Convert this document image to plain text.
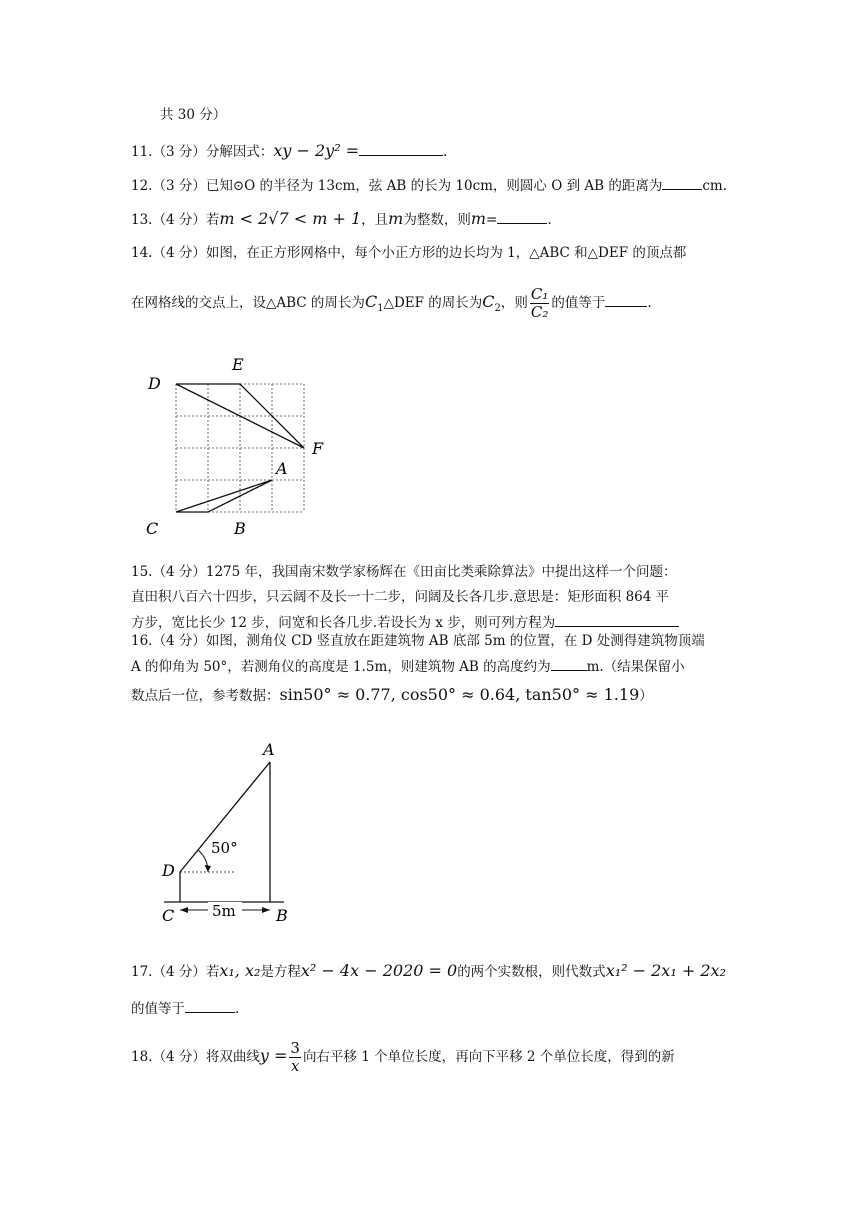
共 30 分）
11.（3 分）分解因式：xy − 2y² =	.
12.（3 分）已知⊙O 的半径为 13cm，弦 AB 的长为 10cm，则圆心 O 到 AB 的距离为	cm.
13.（4 分）若m < 2√7 < m + 1，且m为整数，则m=	.
14.（4 分）如图，在正方形网格中，每个小正方形的边长均为 1，△ABC 和△DEF 的顶点都
在网格线的交点上，设△ABC 的周长为$C_1\triangle DEF$ 的周长为$C_2$，则 $\frac{\text{C₁}}{\text{C₂}}$ 的值等于	.
D
E
F
A
B
C
15.（4 分）1275 年，我国南宋数学家杨辉在《田亩比类乘除算法》中提出这样一个问题：
直田积八百六十四步，只云阔不及长一十二步，问阔及长各几步.意思是：矩形面积 864 平
方步，宽比长少 12 步，问宽和长各几步.若设长为 x 步，则可列方程为
16.（4 分）如图，测角仪 CD 竖直放在距建筑物 AB 底部 5m 的位置，在 D 处测得建筑物顶端
A 的仰角为 50°，若测角仪的高度是 1.5m，则建筑物 AB 的高度约为	m.（结果保留小
数点后一位，参考数据：sin50° ≈ 0.77, cos50° ≈ 0.64, tan50° ≈ 1.19）
A
D
C	B
50°
5m
17.（4 分）若x₁, x₂是方程x² − 4x − 2020 = 0的两个实数根，则代数式x₁² − 2x₁ + 2x₂
的值等于	.
18.（4 分）将双曲线$y = \frac{3}{x}$ 向右平移 1 个单位长度，再向下平移 2 个单位长度，得到的新
